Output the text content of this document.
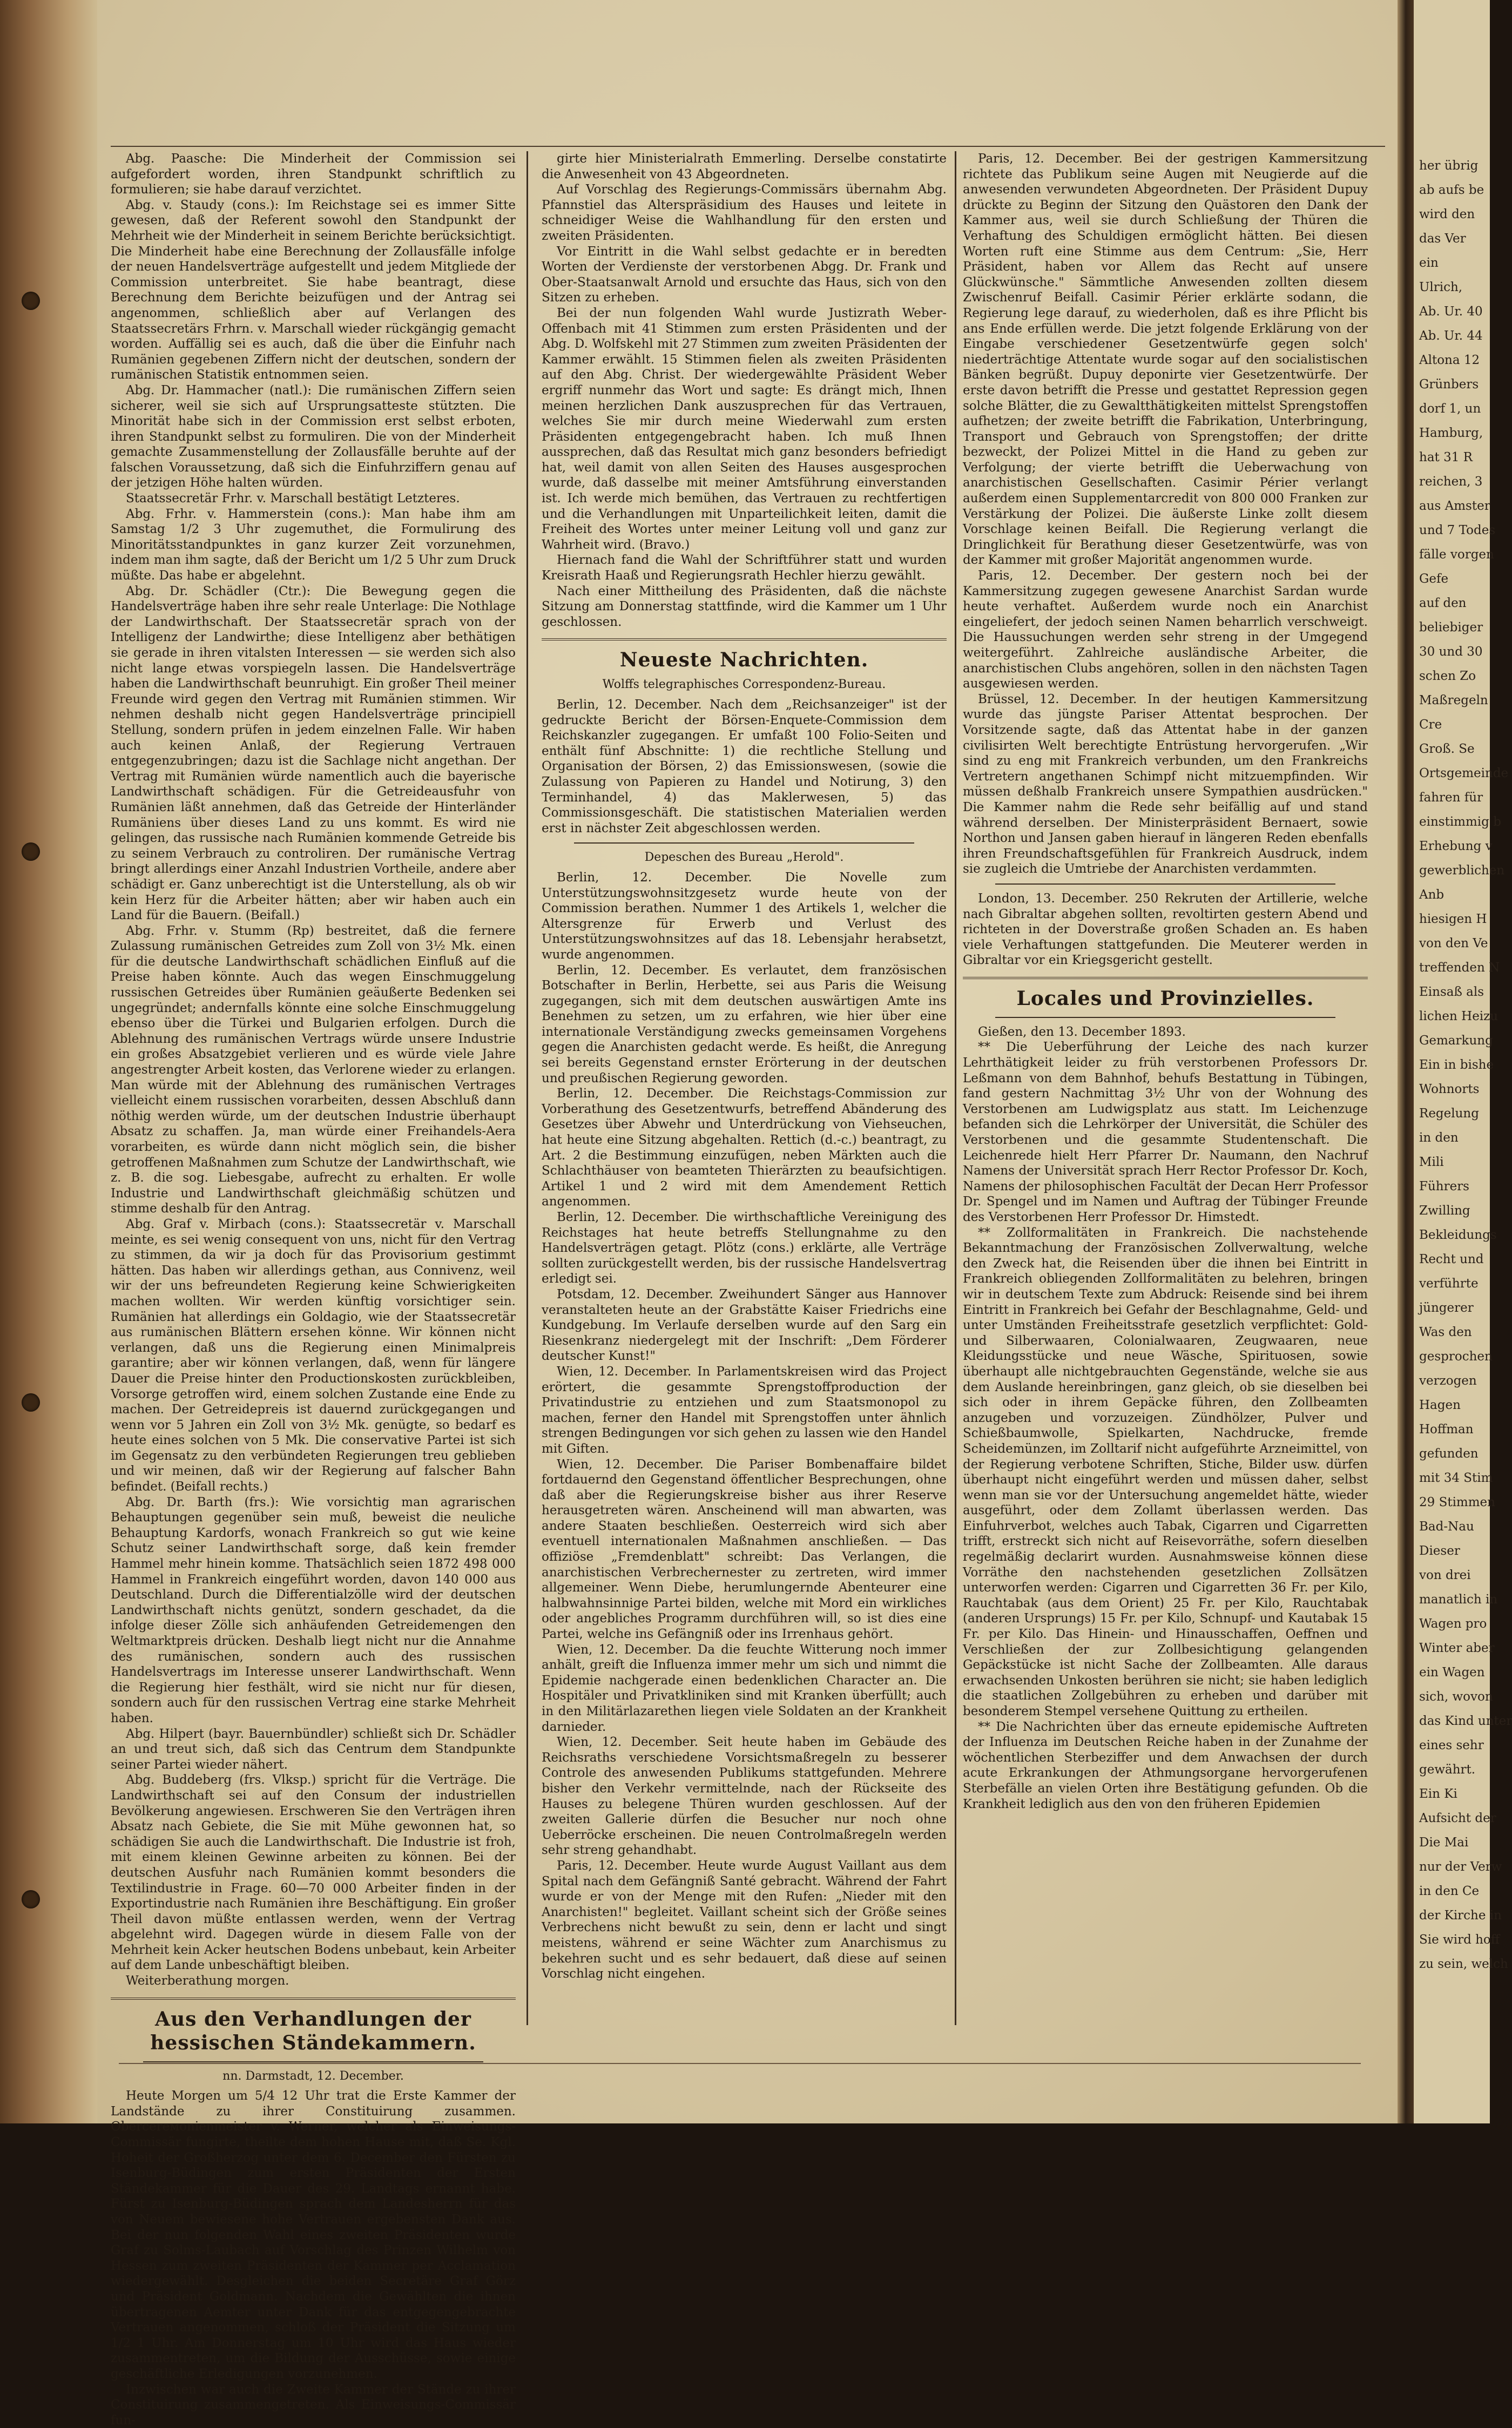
Abg. Paasche: Die Minderheit der Commission sei aufgefordert worden, ihren Standpunkt schriftlich zu formulieren; sie habe darauf verzichtet.

Abg. v. Staudy (cons.): Im Reichstage sei es immer Sitte gewesen, daß der Referent sowohl den Standpunkt der Mehrheit wie der Minderheit in seinem Berichte berücksichtigt. Die Minderheit habe eine Berechnung der Zollausfälle infolge der neuen Handelsverträge aufgestellt und jedem Mitgliede der Commission unterbreitet. Sie habe beantragt, diese Berechnung dem Berichte beizufügen und der Antrag sei angenommen, schließlich aber auf Verlangen des Staatssecretärs Frhrn. v. Marschall wieder rückgängig gemacht worden. Auffällig sei es auch, daß die über die Einfuhr nach Rumänien gegebenen Ziffern nicht der deutschen, sondern der rumänischen Statistik entnommen seien.

Abg. Dr. Hammacher (natl.): Die rumänischen Ziffern seien sicherer, weil sie sich auf Ursprungsatteste stützten. Die Minorität habe sich in der Commission erst selbst erboten, ihren Standpunkt selbst zu formuliren. Die von der Minderheit gemachte Zusammenstellung der Zollausfälle beruhte auf der falschen Voraussetzung, daß sich die Einfuhrziffern genau auf der jetzigen Höhe halten würden.

Staatssecretär Frhr. v. Marschall bestätigt Letzteres.

Abg. Frhr. v. Hammerstein (cons.): Man habe ihm am Samstag 1/2 3 Uhr zugemuthet, die Formulirung des Minoritätsstandpunktes in ganz kurzer Zeit vorzunehmen, indem man ihm sagte, daß der Bericht um 1/2 5 Uhr zum Druck müßte. Das habe er abgelehnt.

Abg. Dr. Schädler (Ctr.): Die Bewegung gegen die Handelsverträge haben ihre sehr reale Unterlage: Die Nothlage der Landwirthschaft. Der Staatssecretär sprach von der Intelligenz der Landwirthe; diese Intelligenz aber bethätigen sie gerade in ihren vitalsten Interessen — sie werden sich also nicht lange etwas vorspiegeln lassen. Die Handelsverträge haben die Landwirthschaft beunruhigt. Ein großer Theil meiner Freunde wird gegen den Vertrag mit Rumänien stimmen. Wir nehmen deshalb nicht gegen Handelsverträge principiell Stellung, sondern prüfen in jedem einzelnen Falle. Wir haben auch keinen Anlaß, der Regierung Vertrauen entgegenzubringen; dazu ist die Sachlage nicht angethan. Der Vertrag mit Rumänien würde namentlich auch die bayerische Landwirthschaft schädigen. Für die Getreideausfuhr von Rumänien läßt annehmen, daß das Getreide der Hinterländer Rumäniens über dieses Land zu uns kommt. Es wird nie gelingen, das russische nach Rumänien kommende Getreide bis zu seinem Verbrauch zu controliren. Der rumänische Vertrag bringt allerdings einer Anzahl Industrien Vortheile, andere aber schädigt er. Ganz unberechtigt ist die Unterstellung, als ob wir kein Herz für die Arbeiter hätten; aber wir haben auch ein Land für die Bauern. (Beifall.)

Abg. Frhr. v. Stumm (Rp) bestreitet, daß die fernere Zulassung rumänischen Getreides zum Zoll von 3½ Mk. einen für die deutsche Landwirthschaft schädlichen Einfluß auf die Preise haben könnte. Auch das wegen Einschmuggelung russischen Getreides über Rumänien geäußerte Bedenken sei ungegründet; andernfalls könnte eine solche Einschmuggelung ebenso über die Türkei und Bulgarien erfolgen. Durch die Ablehnung des rumänischen Vertrags würde unsere Industrie ein großes Absatzgebiet verlieren und es würde viele Jahre angestrengter Arbeit kosten, das Verlorene wieder zu erlangen. Man würde mit der Ablehnung des rumänischen Vertrages vielleicht einem russischen vorarbeiten, dessen Abschluß dann nöthig werden würde, um der deutschen Industrie überhaupt Absatz zu schaffen. Ja, man würde einer Freihandels-Aera vorarbeiten, es würde dann nicht möglich sein, die bisher getroffenen Maßnahmen zum Schutze der Landwirthschaft, wie z. B. die sog. Liebesgabe, aufrecht zu erhalten. Er wolle Industrie und Landwirthschaft gleichmäßig schützen und stimme deshalb für den Antrag.

Abg. Graf v. Mirbach (cons.): Staatssecretär v. Marschall meinte, es sei wenig consequent von uns, nicht für den Vertrag zu stimmen, da wir ja doch für das Provisorium gestimmt hätten. Das haben wir allerdings gethan, aus Connivenz, weil wir der uns befreundeten Regierung keine Schwierigkeiten machen wollten. Wir werden künftig vorsichtiger sein. Rumänien hat allerdings ein Goldagio, wie der Staatssecretär aus rumänischen Blättern ersehen könne. Wir können nicht verlangen, daß uns die Regierung einen Minimalpreis garantire; aber wir können verlangen, daß, wenn für längere Dauer die Preise hinter den Productionskosten zurückbleiben, Vorsorge getroffen wird, einem solchen Zustande eine Ende zu machen. Der Getreidepreis ist dauernd zurückgegangen und wenn vor 5 Jahren ein Zoll von 3½ Mk. genügte, so bedarf es heute eines solchen von 5 Mk. Die conservative Partei ist sich im Gegensatz zu den verbündeten Regierungen treu geblieben und wir meinen, daß wir der Regierung auf falscher Bahn befindet. (Beifall rechts.)

Abg. Dr. Barth (frs.): Wie vorsichtig man agrarischen Behauptungen gegenüber sein muß, beweist die neuliche Behauptung Kardorfs, wonach Frankreich so gut wie keine Schutz seiner Landwirthschaft sorge, daß kein fremder Hammel mehr hinein komme. Thatsächlich seien 1872 498 000 Hammel in Frankreich eingeführt worden, davon 140 000 aus Deutschland. Durch die Differentialzölle wird der deutschen Landwirthschaft nichts genützt, sondern geschadet, da die infolge dieser Zölle sich anhäufenden Getreidemengen den Weltmarktpreis drücken. Deshalb liegt nicht nur die Annahme des rumänischen, sondern auch des russischen Handelsvertrags im Interesse unserer Landwirthschaft. Wenn die Regierung hier festhält, wird sie nicht nur für diesen, sondern auch für den russischen Vertrag eine starke Mehrheit haben.

Abg. Hilpert (bayr. Bauernbündler) schließt sich Dr. Schädler an und treut sich, daß sich das Centrum dem Standpunkte seiner Partei wieder nähert.

Abg. Buddeberg (frs. Vlksp.) spricht für die Verträge. Die Landwirthschaft sei auf den Consum der industriellen Bevölkerung angewiesen. Erschweren Sie den Verträgen ihren Absatz nach Gebiete, die Sie mit Mühe gewonnen hat, so schädigen Sie auch die Landwirthschaft. Die Industrie ist froh, mit einem kleinen Gewinne arbeiten zu können. Bei der deutschen Ausfuhr nach Rumänien kommt besonders die Textilindustrie in Frage. 60—70 000 Arbeiter finden in der Exportindustrie nach Rumänien ihre Beschäftigung. Ein großer Theil davon müßte entlassen werden, wenn der Vertrag abgelehnt wird. Dagegen würde in diesem Falle von der Mehrheit kein Acker heutschen Bodens unbebaut, kein Arbeiter auf dem Lande unbeschäftigt bleiben.

Weiterberathung morgen.

Aus den Verhandlungen der hessischen Ständekammern.
nn. Darmstadt, 12. December.

Heute Morgen um 5/4 12 Uhr trat die Erste Kammer der Landstände zu ihrer Constituirung zusammen. Obercerемonienmeister v. Werner, welcher als Einweisungs-Commissär fungirte, theilte dem hohen Hause mit, daß Se. Kgl. Hoheit der Großherzog unter dem 6. December den Fürsten zu Isenburg-Büdingen zum ersten Präsidenten der Ersten Ständekammer für die Dauer des 29. Landtags ernannt habe. Fürst zu Isenburg-Büdingen sprach dem Landesherrn für das von Neuem bewiesene hohe Vertrauen ergebensten Dank aus. Bei der nun folgenden Wahl eines zweiten Präsidenten wurde Graf zu Solms-Laubach auf Vorschlag des Prinzen Wilhelm von Hessen zum zweiten Präsidenten der Kammer per Acclamation wiedergewählt. Desgleichen die beiden Secretäre Graf Görz und Präsident Goldmann. Nachdem die Gewählten die ihnen übertragenen Aemter unter Dank für das entgegengebrachte Vertrauen angenommen, schloß der Präsident die Sitzung um 1/2 1 Uhr. Am Donnerstag um 10 Uhr wird das Haus wieder zusammentreten, um die Bildung der Ausschüsse, sowie einige geschäftliche Erledigungen vorzunehmen.

Inzwischen war auch die Zweite Kammer der Stände zu ihrer Constituirung zusammengetreten. Als Einweisungs-Commissär fun-

girte hier Ministerialrath Emmerling. Derselbe constatirte die Anwesenheit von 43 Abgeordneten.

Auf Vorschlag des Regierungs-Commissärs übernahm Abg. Pfannstiel das Alterspräsidium des Hauses und leitete in schneidiger Weise die Wahlhandlung für den ersten und zweiten Präsidenten.

Vor Eintritt in die Wahl selbst gedachte er in beredten Worten der Verdienste der verstorbenen Abgg. Dr. Frank und Ober-Staatsanwalt Arnold und ersuchte das Haus, sich von den Sitzen zu erheben.

Bei der nun folgenden Wahl wurde Justizrath Weber-Offenbach mit 41 Stimmen zum ersten Präsidenten und der Abg. D. Wolfskehl mit 27 Stimmen zum zweiten Präsidenten der Kammer erwählt. 15 Stimmen fielen als zweiten Präsidenten auf den Abg. Christ. Der wiedergewählte Präsident Weber ergriff nunmehr das Wort und sagte: Es drängt mich, Ihnen meinen herzlichen Dank auszusprechen für das Vertrauen, welches Sie mir durch meine Wiederwahl zum ersten Präsidenten entgegengebracht haben. Ich muß Ihnen aussprechen, daß das Resultat mich ganz besonders befriedigt hat, weil damit von allen Seiten des Hauses ausgesprochen wurde, daß dasselbe mit meiner Amtsführung einverstanden ist. Ich werde mich bemühen, das Vertrauen zu rechtfertigen und die Verhandlungen mit Unparteilichkeit leiten, damit die Freiheit des Wortes unter meiner Leitung voll und ganz zur Wahrheit wird. (Bravo.)

Hiernach fand die Wahl der Schriftführer statt und wurden Kreisrath Haaß und Regierungsrath Hechler hierzu gewählt.

Nach einer Mittheilung des Präsidenten, daß die nächste Sitzung am Donnerstag stattfinde, wird die Kammer um 1 Uhr geschlossen.

Neueste Nachrichten.
Wolffs telegraphisches Correspondenz-Bureau.

Berlin, 12. December. Nach dem „Reichsanzeiger" ist der gedruckte Bericht der Börsen-Enquete-Commission dem Reichskanzler zugegangen. Er umfaßt 100 Folio-Seiten und enthält fünf Abschnitte: 1) die rechtliche Stellung und Organisation der Börsen, 2) das Emissionswesen, (sowie die Zulassung von Papieren zu Handel und Notirung, 3) den Terminhandel, 4) das Maklerwesen, 5) das Commissionsgeschäft. Die statistischen Materialien werden erst in nächster Zeit abgeschlossen werden.

Depeschen des Bureau „Herold".

Berlin, 12. December. Die Novelle zum Unterstützungswohnsitzgesetz wurde heute von der Commission berathen. Nummer 1 des Artikels 1, welcher die Altersgrenze für Erwerb und Verlust des Unterstützungswohnsitzes auf das 18. Lebensjahr herabsetzt, wurde angenommen.

Berlin, 12. December. Es verlautet, dem französischen Botschafter in Berlin, Herbette, sei aus Paris die Weisung zugegangen, sich mit dem deutschen auswärtigen Amte ins Benehmen zu setzen, um zu erfahren, wie hier über eine internationale Verständigung zwecks gemeinsamen Vorgehens gegen die Anarchisten gedacht werde. Es heißt, die Anregung sei bereits Gegenstand ernster Erörterung in der deutschen und preußischen Regierung geworden.

Berlin, 12. December. Die Reichstags-Commission zur Vorberathung des Gesetzentwurfs, betreffend Abänderung des Gesetzes über Abwehr und Unterdrückung von Viehseuchen, hat heute eine Sitzung abgehalten. Rettich (d.-c.) beantragt, zu Art. 2 die Bestimmung einzufügen, neben Märkten auch die Schlachthäuser von beamteten Thierärzten zu beaufsichtigen. Artikel 1 und 2 wird mit dem Amendement Rettich angenommen.

Berlin, 12. December. Die wirthschaftliche Vereinigung des Reichstages hat heute betreffs Stellungnahme zu den Handelsverträgen getagt. Plötz (cons.) erklärte, alle Verträge sollten zurückgestellt werden, bis der russische Handelsvertrag erledigt sei.

Potsdam, 12. December. Zweihundert Sänger aus Hannover veranstalteten heute an der Grabstätte Kaiser Friedrichs eine Kundgebung. Im Verlaufe derselben wurde auf den Sarg ein Riesenkranz niedergelegt mit der Inschrift: „Dem Förderer deutscher Kunst!"

Wien, 12. December. In Parlamentskreisen wird das Project erörtert, die gesammte Sprengstoffproduction der Privatindustrie zu entziehen und zum Staatsmonopol zu machen, ferner den Handel mit Sprengstoffen unter ähnlich strengen Bedingungen vor sich gehen zu lassen wie den Handel mit Giften.

Wien, 12. December. Die Pariser Bombenaffaire bildet fortdauernd den Gegenstand öffentlicher Besprechungen, ohne daß aber die Regierungskreise bisher aus ihrer Reserve herausgetreten wären. Anscheinend will man abwarten, was andere Staaten beschließen. Oesterreich wird sich aber eventuell internationalen Maßnahmen anschließen. — Das offiziöse „Fremdenblatt" schreibt: Das Verlangen, die anarchistischen Verbrechernester zu zertreten, wird immer allgemeiner. Wenn Diebe, herumlungernde Abenteurer eine halbwahnsinnige Partei bilden, welche mit Mord ein wirkliches oder angebliches Programm durchführen will, so ist dies eine Partei, welche ins Gefängniß oder ins Irrenhaus gehört.

Wien, 12. December. Da die feuchte Witterung noch immer anhält, greift die Influenza immer mehr um sich und nimmt die Epidemie nachgerade einen bedenklichen Character an. Die Hospitäler und Privatkliniken sind mit Kranken überfüllt; auch in den Militärlazarethen liegen viele Soldaten an der Krankheit darnieder.

Wien, 12. December. Seit heute haben im Gebäude des Reichsraths verschiedene Vorsichtsmaßregeln zu besserer Controle des anwesenden Publikums stattgefunden. Mehrere bisher den Verkehr vermittelnde, nach der Rückseite des Hauses zu belegene Thüren wurden geschlossen. Auf der zweiten Gallerie dürfen die Besucher nur noch ohne Ueberröcke erscheinen. Die neuen Controlmaßregeln werden sehr streng gehandhabt.

Paris, 12. December. Heute wurde August Vaillant aus dem Spital nach dem Gefängniß Santé gebracht. Während der Fahrt wurde er von der Menge mit den Rufen: „Nieder mit den Anarchisten!" begleitet. Vaillant scheint sich der Größe seines Verbrechens nicht bewußt zu sein, denn er lacht und singt meistens, während er seine Wächter zum Anarchismus zu bekehren sucht und es sehr bedauert, daß diese auf seinen Vorschlag nicht eingehen.

Paris, 12. December. Bei der gestrigen Kammersitzung richtete das Publikum seine Augen mit Neugierde auf die anwesenden verwundeten Abgeordneten. Der Präsident Dupuy drückte zu Beginn der Sitzung den Quästoren den Dank der Kammer aus, weil sie durch Schließung der Thüren die Verhaftung des Schuldigen ermöglicht hätten. Bei diesen Worten ruft eine Stimme aus dem Centrum: „Sie, Herr Präsident, haben vor Allem das Recht auf unsere Glückwünsche." Sämmtliche Anwesenden zollten diesem Zwischenruf Beifall. Casimir Périer erklärte sodann, die Regierung lege darauf, zu wiederholen, daß es ihre Pflicht bis ans Ende erfüllen werde. Die jetzt folgende Erklärung von der Eingabe verschiedener Gesetzentwürfe gegen solch' niederträchtige Attentate wurde sogar auf den socialistischen Bänken begrüßt. Dupuy deponirte vier Gesetzentwürfe. Der erste davon betrifft die Presse und gestattet Repression gegen solche Blätter, die zu Gewaltthätigkeiten mittelst Sprengstoffen aufhetzen; der zweite betrifft die Fabrikation, Unterbringung, Transport und Gebrauch von Sprengstoffen; der dritte bezweckt, der Polizei Mittel in die Hand zu geben zur Verfolgung; der vierte betrifft die Ueberwachung von anarchistischen Gesellschaften. Casimir Périer verlangt außerdem einen Supplementarcredit von 800 000 Franken zur Verstärkung der Polizei. Die äußerste Linke zollt diesem Vorschlage keinen Beifall. Die Regierung verlangt die Dringlichkeit für Berathung dieser Gesetzentwürfe, was von der Kammer mit großer Majorität angenommen wurde.

Paris, 12. December. Der gestern noch bei der Kammersitzung zugegen gewesene Anarchist Sardan wurde heute verhaftet. Außerdem wurde noch ein Anarchist eingeliefert, der jedoch seinen Namen beharrlich verschweigt. Die Haussuchungen werden sehr streng in der Umgegend weitergeführt. Zahlreiche ausländische Arbeiter, die anarchistischen Clubs angehören, sollen in den nächsten Tagen ausgewiesen werden.

Brüssel, 12. December. In der heutigen Kammersitzung wurde das jüngste Pariser Attentat besprochen. Der Vorsitzende sagte, daß das Attentat habe in der ganzen civilisirten Welt berechtigte Entrüstung hervorgerufen. „Wir sind zu eng mit Frankreich verbunden, um den Frankreichs Vertretern angethanen Schimpf nicht mitzuempfinden. Wir müssen deßhalb Frankreich unsere Sympathien ausdrücken." Die Kammer nahm die Rede sehr beifällig auf und stand während derselben. Der Ministerpräsident Bernaert, sowie Northon und Jansen gaben hierauf in längeren Reden ebenfalls ihren Freundschaftsgefühlen für Frankreich Ausdruck, indem sie zugleich die Umtriebe der Anarchisten verdammten.

London, 13. December. 250 Rekruten der Artillerie, welche nach Gibraltar abgehen sollten, revoltirten gestern Abend und richteten in der Doverstraße großen Schaden an. Es haben viele Verhaftungen stattgefunden. Die Meuterer werden in Gibraltar vor ein Kriegsgericht gestellt.

Locales und Provinzielles.

Gießen, den 13. December 1893.

** Die Ueberführung der Leiche des nach kurzer Lehrthätigkeit leider zu früh verstorbenen Professors Dr. Leßmann von dem Bahnhof, behufs Bestattung in Tübingen, fand gestern Nachmittag 3½ Uhr von der Wohnung des Verstorbenen am Ludwigsplatz aus statt. Im Leichenzuge befanden sich die Lehrkörper der Universität, die Schüler des Verstorbenen und die gesammte Studentenschaft. Die Leichenrede hielt Herr Pfarrer Dr. Naumann, den Nachruf Namens der Universität sprach Herr Rector Professor Dr. Koch, Namens der philosophischen Facultät der Decan Herr Professor Dr. Spengel und im Namen und Auftrag der Tübinger Freunde des Verstorbenen Herr Professor Dr. Himstedt.

** Zollformalitäten in Frankreich. Die nachstehende Bekanntmachung der Französischen Zollverwaltung, welche den Zweck hat, die Reisenden über die ihnen bei Eintritt in Frankreich obliegenden Zollformalitäten zu belehren, bringen wir in deutschem Texte zum Abdruck: Reisende sind bei ihrem Eintritt in Frankreich bei Gefahr der Beschlagnahme, Geld- und unter Umständen Freiheitsstrafe gesetzlich verpflichtet: Gold- und Silberwaaren, Colonialwaaren, Zeugwaaren, neue Kleidungsstücke und neue Wäsche, Spirituosen, sowie überhaupt alle nichtgebrauchten Gegenstände, welche sie aus dem Auslande hereinbringen, ganz gleich, ob sie dieselben bei sich oder in ihrem Gepäcke führen, den Zollbeamten anzugeben und vorzuzeigen. Zündhölzer, Pulver und Schießbaumwolle, Spielkarten, Nachdrucke, fremde Scheidemünzen, im Zolltarif nicht aufgeführte Arzneimittel, von der Regierung verbotene Schriften, Stiche, Bilder usw. dürfen überhaupt nicht eingeführt werden und müssen daher, selbst wenn man sie vor der Untersuchung angemeldet hätte, wieder ausgeführt, oder dem Zollamt überlassen werden. Das Einfuhrverbot, welches auch Tabak, Cigarren und Cigarretten trifft, erstreckt sich nicht auf Reisevorräthe, sofern dieselben regelmäßig declarirt wurden. Ausnahmsweise können diese Vorräthe den nachstehenden gesetzlichen Zollsätzen unterworfen werden: Cigarren und Cigarretten 36 Fr. per Kilo, Rauchtabak (aus dem Orient) 25 Fr. per Kilo, Rauchtabak (anderen Ursprungs) 15 Fr. per Kilo, Schnupf- und Kautabak 15 Fr. per Kilo. Das Hinein- und Hinausschaffen, Oeffnen und Verschließen der zur Zollbesichtigung gelangenden Gepäckstücke ist nicht Sache der Zollbeamten. Alle daraus erwachsenden Unkosten berühren sie nicht; sie haben lediglich die staatlichen Zollgebühren zu erheben und darüber mit besonderem Stempel versehene Quittung zu ertheilen.

** Die Nachrichten über das erneute epidemische Auftreten der Influenza im Deutschen Reiche haben in der Zunahme der wöchentlichen Sterbeziffer und dem Anwachsen der durch acute Erkrankungen der Athmungsorgane hervorgerufenen Sterbefälle an vielen Orten ihre Bestätigung gefunden. Ob die Krankheit lediglich aus den von den früheren Epidemien

her übrig
ab aufs be
wird den
das Ver
ein
Ulrich,
Ab. Ur. 40
Ab. Ur. 44
Altona 12
Grünbers
dorf 1, un
Hamburg,
hat 31 R
reichen, 3
aus Amster
und 7 Todes
fälle vorgen
Gefe
auf den
beliebiger
30 und 30
schen Zo
Maßregeln
Cre
Groß. Se
Ortsgemeinde
fahren für
einstimmig b
Erhebung v
gewerblichen
Anb
hiesigen H
von den Ve
treffenden N
Einsaß als
lichen Heizu
Gemarkung
Ein in bishe
Wohnorts
Regelung
in den
Mili
Führers
Zwilling
Bekleidungs
Recht und
verführte
jüngerer
Was den
gesprochen
verzogen
Hagen
Hoffman
gefunden
mit 34 Stim
29 Stimmen
Bad-Nau
Dieser
von drei
manatlich in
Wagen pro
Winter aber
ein Wagen
sich, wovon
das Kind unter
eines sehr
gewährt.
Ein Ki
Aufsicht der
Die Mai
nur der Verw
in den Ce
der Kirche in
Sie wird hoff
zu sein, welch
